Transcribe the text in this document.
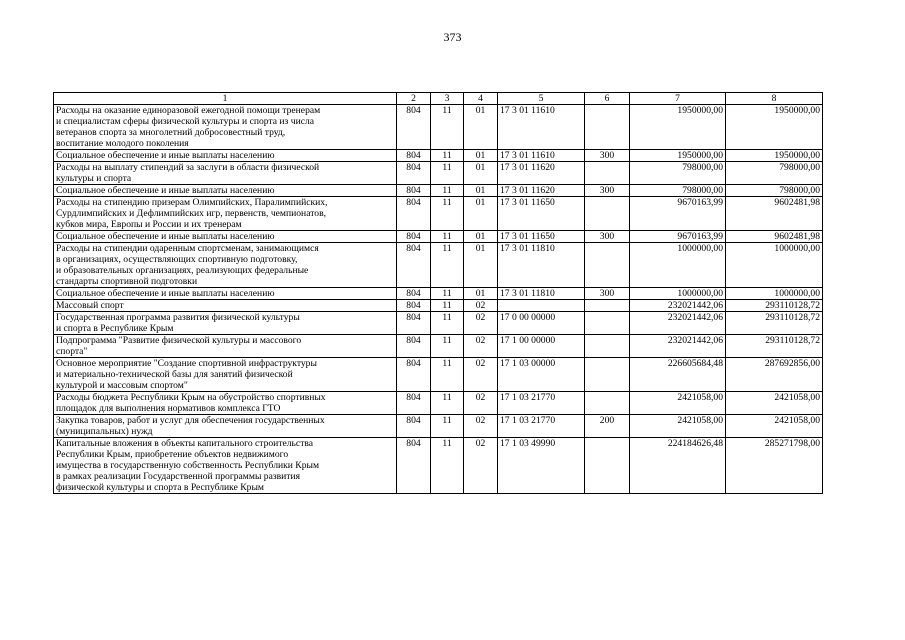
373
1	2	3	4	5	6	7	8

Расходы на оказание единоразовой ежегодной помощи тренерам
и специалистам сферы физической культуры и спорта из числа
ветеранов спорта за многолетний добросовестный труд,
воспитание молодого поколения	804	11	01	17 3 01 11610		1950000,00	1950000,00

Социальное обеспечение и иные выплаты населению	804	11	01	17 3 01 11610	300	1950000,00	1950000,00

Расходы на выплату стипендий за заслуги в области физической
культуры и спорта	804	11	01	17 3 01 11620		798000,00	798000,00

Социальное обеспечение и иные выплаты населению	804	11	01	17 3 01 11620	300	798000,00	798000,00

Расходы на стипендию призерам Олимпийских, Паралимпийских,
Сурдлимпийских и Дефлимпийских игр, первенств, чемпионатов,
кубков мира, Европы и России и их тренерам	804	11	01	17 3 01 11650		9670163,99	9602481,98

Социальное обеспечение и иные выплаты населению	804	11	01	17 3 01 11650	300	9670163,99	9602481,98

Расходы на стипендии одаренным спортсменам, занимающимся
в организациях, осуществляющих спортивную подготовку,
и образовательных организациях, реализующих федеральные
стандарты спортивной подготовки	804	11	01	17 3 01 11810		1000000,00	1000000,00

Социальное обеспечение и иные выплаты населению	804	11	01	17 3 01 11810	300	1000000,00	1000000,00

Массовый спорт	804	11	02			232021442,06	293110128,72

Государственная программа развития физической культуры
и спорта в Республике Крым	804	11	02	17 0 00 00000		232021442,06	293110128,72

Подпрограмма "Развитие физической культуры и массового
спорта"	804	11	02	17 1 00 00000		232021442,06	293110128,72

Основное мероприятие "Создание спортивной инфраструктуры
и материально-технической базы для занятий физической
культурой и массовым спортом"	804	11	02	17 1 03 00000		226605684,48	287692856,00

Расходы бюджета Республики Крым на обустройство спортивных
площадок для выполнения нормативов комплекса ГТО	804	11	02	17 1 03 21770		2421058,00	2421058,00

Закупка товаров, работ и услуг для обеспечения государственных
(муниципальных) нужд	804	11	02	17 1 03 21770	200	2421058,00	2421058,00

Капитальные вложения в объекты капитального строительства
Республики Крым, приобретение объектов недвижимого
имущества в государственную собственность Республики Крым
в рамках реализации Государственной программы развития
физической культуры и спорта в Республике Крым	804	11	02	17 1 03 49990		224184626,48	285271798,00
